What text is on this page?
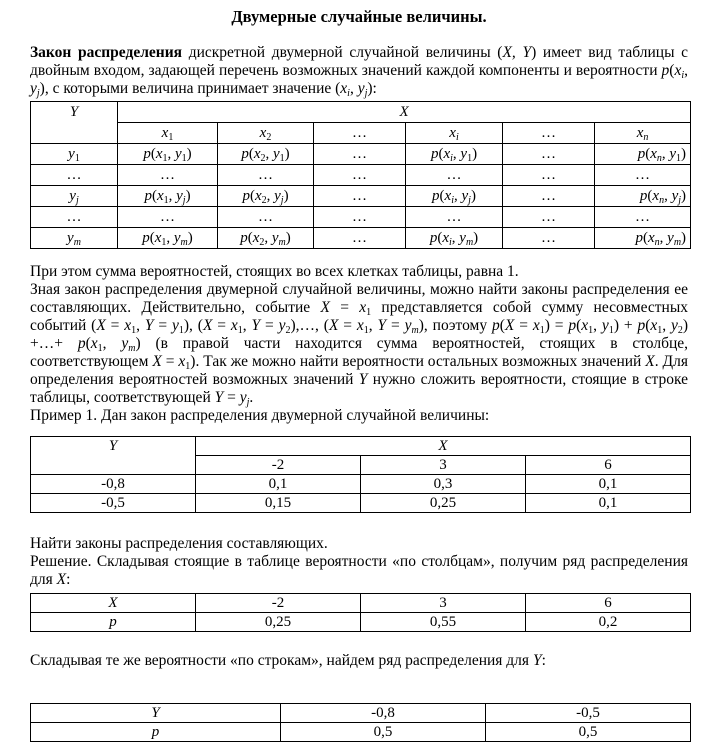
Двумерные случайные величины.

Закон распределения дискретной двумерной случайной величины (X, Y) имеет вид таблицы с двойным входом, задающей перечень возможных значений каждой компоненты и вероятности $p(x_i$, $y_j$), с которыми величина принимает значение ($x_i$, $y_j$):

Y	X					
	$x_1$	$x_2$	…	$x_i$	…	$x_n$
$y_1$	$p(x_1$, $y_1$)	$p(x_2$, $y_1$)	…	$p(x_i$, $y_1$)	…	$p(x_n$, $y_1$)
…	…	…	…	…	…	…
$y_j$	$p(x_1$, $y_j$)	$p(x_2$, $y_j$)	…	$p(x_i$, $y_j$)	…	$p(x_n$, $y_j$)
…	…	…	…	…	…	…
$y_m$	$p(x_1$, $y_m$)	$p(x_2$, $y_m$)	…	$p(x_i$, $y_m$)	…	$p(x_n$, $y_m$)

При этом сумма вероятностей, стоящих во всех клетках таблицы, равна 1.

Зная закон распределения двумерной случайной величины, можно найти законы распределения ее составляющих. Действительно, событие $X = x_1$ представляется собой сумму несовместных событий ($X = x_1$, $Y = y_1$), ($X = x_1$, $Y = y_2),\dots$, ($X = x_1$, $Y = y_m$), поэтому $p(X = x_1) = p(x_1$, $y_1) + p(x_1$, $y_2$) +…+ $p(x_1$, $y_m$) (в правой части находится сумма вероятностей, стоящих в столбце, соответствующем $X = x_1$). Так же можно найти вероятности остальных возможных значений X. Для определения вероятностей возможных значений Y нужно сложить вероятности, стоящие в строке таблицы, соответствующей $Y = y_j$.

Пример 1. Дан закон распределения двумерной случайной величины:

Y	X		
	-2	3	6
-0,8	0,1	0,3	0,1
-0,5	0,15	0,25	0,1

Найти законы распределения составляющих.

Решение. Складывая стоящие в таблице вероятности «по столбцам», получим ряд распределения для X:

X	-2	3	6
p	0,25	0,55	0,2

Складывая те же вероятности «по строкам», найдем ряд распределения для Y:

Y	-0,8	-0,5
p	0,5	0,5
